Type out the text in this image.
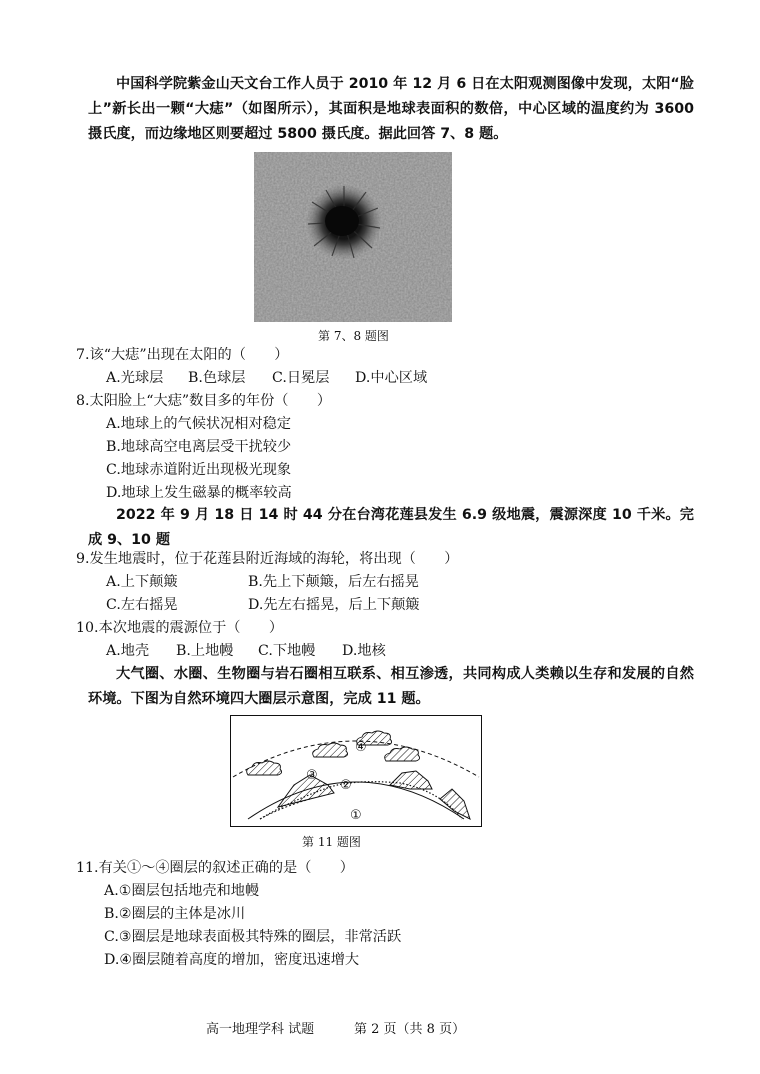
中国科学院紫金山天文台工作人员于 2010 年 12 月 6 日在太阳观测图像中发现，太阳“脸上”新长出一颗“大痣”（如图所示），其面积是地球表面积的数倍，中心区域的温度约为 3600 摄氏度，而边缘地区则要超过 5800 摄氏度。据此回答 7、8 题。
第 7、8 题图
7.该“大痣”出现在太阳的（　　）
A.光球层 B.色球层 C.日冕层 D.中心区域
8.太阳脸上“大痣”数目多的年份（　　）
A.地球上的气候状况相对稳定
B.地球高空电离层受干扰较少
C.地球赤道附近出现极光现象
D.地球上发生磁暴的概率较高
2022 年 9 月 18 日 14 时 44 分在台湾花莲县发生 6.9 级地震，震源深度 10 千米。完成 9、10 题
9.发生地震时，位于花莲县附近海域的海轮，将出现（　　）
A.上下颠簸	B.先上下颠簸，后左右摇晃
C.左右摇晃	D.先左右摇晃，后上下颠簸
10.本次地震的震源位于（　　）
A.地壳 B.上地幔 C.下地幔 D.地核
大气圈、水圈、生物圈与岩石圈相互联系、相互渗透，共同构成人类赖以生存和发展的自然环境。下图为自然环境四大圈层示意图，完成 11 题。
①
②
③
④
第 11 题图
11.有关①～④圈层的叙述正确的是（　　）
A.①圈层包括地壳和地幔
B.②圈层的主体是冰川
C.③圈层是地球表面极其特殊的圈层，非常活跃
D.④圈层随着高度的增加，密度迅速增大
高一地理学科 试题	第 2 页（共 8 页）
